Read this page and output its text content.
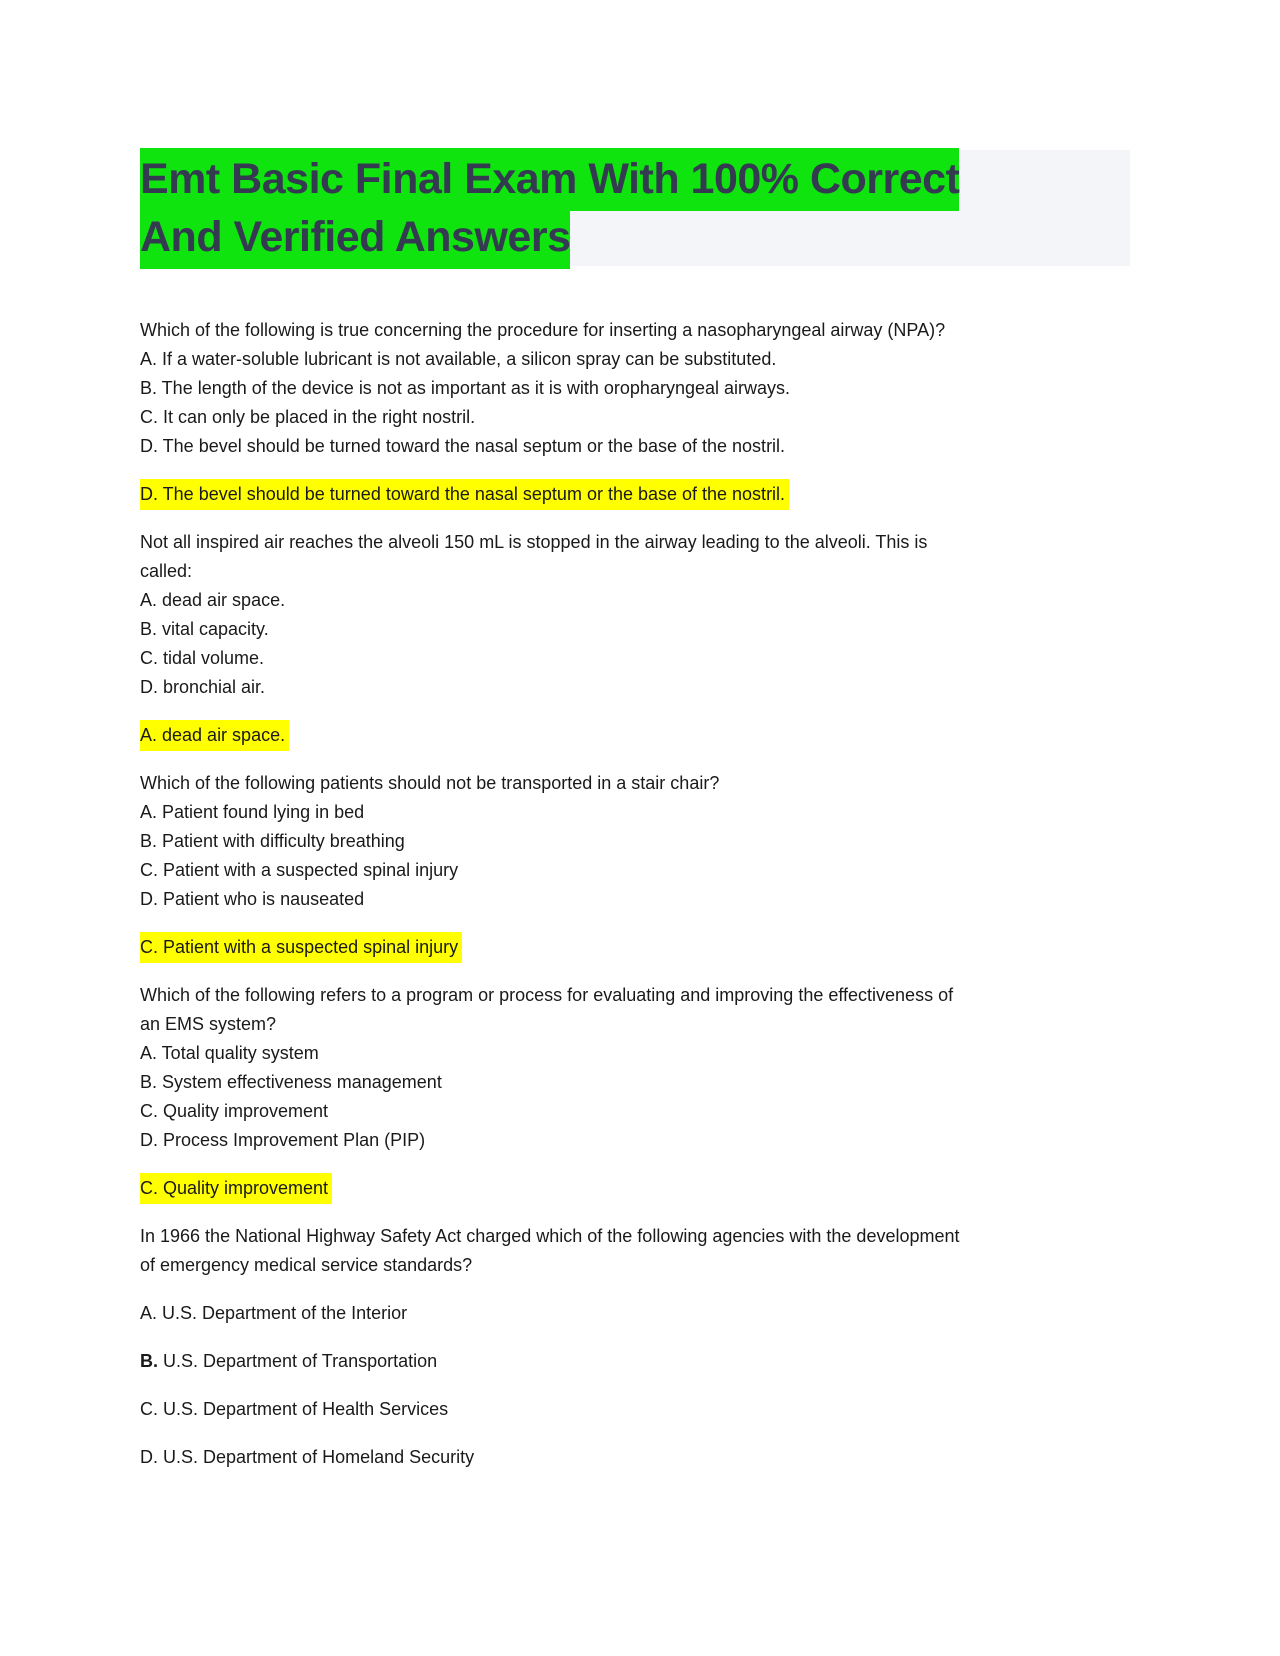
Emt Basic Final Exam With 100% Correct
And Verified Answers

Which of the following is true concerning the procedure for inserting a nasopharyngeal airway (NPA)?
A. If a water-soluble lubricant is not available, a silicon spray can be substituted.
B. The length of the device is not as important as it is with oropharyngeal airways.
C. It can only be placed in the right nostril.
D. The bevel should be turned toward the nasal septum or the base of the nostril.

D. The bevel should be turned toward the nasal septum or the base of the nostril.

Not all inspired air reaches the alveoli 150 mL is stopped in the airway leading to the alveoli. This is
called:
A. dead air space.
B. vital capacity.
C. tidal volume.
D. bronchial air.

A. dead air space.

Which of the following patients should not be transported in a stair chair?
A. Patient found lying in bed
B. Patient with difficulty breathing
C. Patient with a suspected spinal injury
D. Patient who is nauseated

C. Patient with a suspected spinal injury

Which of the following refers to a program or process for evaluating and improving the effectiveness of
an EMS system?
A. Total quality system
B. System effectiveness management
C. Quality improvement
D. Process Improvement Plan (PIP)

C. Quality improvement

In 1966 the National Highway Safety Act charged which of the following agencies with the development
of emergency medical service standards?

A. U.S. Department of the Interior

B. U.S. Department of Transportation

C. U.S. Department of Health Services

D. U.S. Department of Homeland Security
